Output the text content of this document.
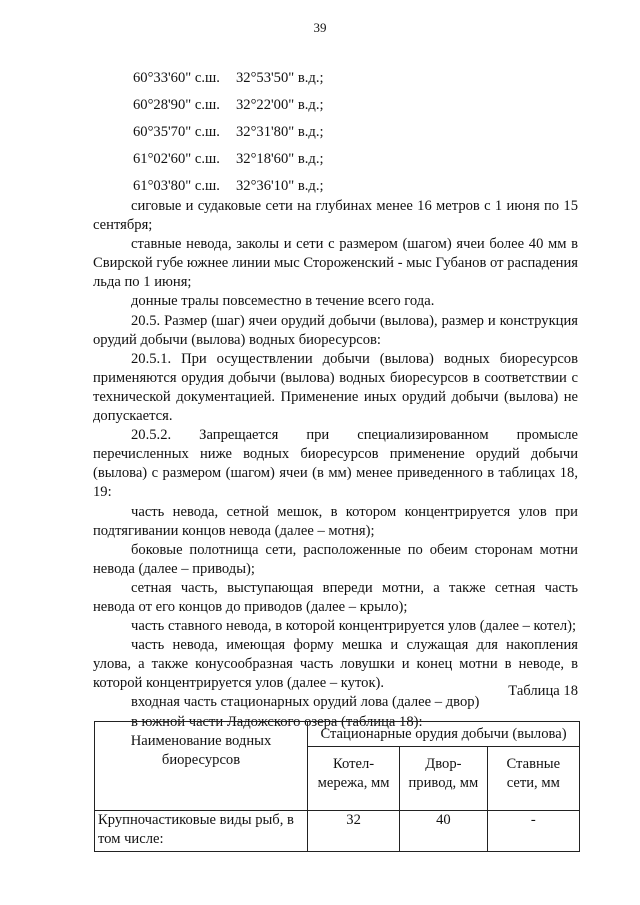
39
60°33'60" с.ш.	32°53'50" в.д.;
60°28'90" с.ш.	32°22'00" в.д.;
60°35'70" с.ш.	32°31'80" в.д.;
61°02'60" с.ш.	32°18'60" в.д.;
61°03'80" с.ш.	32°36'10" в.д.;

сиговые и судаковые сети на глубинах менее 16 метров с 1 июня по 15 сентября;

ставные невода, заколы и сети с размером (шагом) ячеи более 40 мм в Свирской губе южнее линии мыс Стороженский - мыс Губанов от распадения льда по 1 июня;

донные тралы повсеместно в течение всего года.

20.5. Размер (шаг) ячеи орудий добычи (вылова), размер и конструкция орудий добычи (вылова) водных биоресурсов:

20.5.1. При осуществлении добычи (вылова) водных биоресурсов применяются орудия добычи (вылова) водных биоресурсов в соответствии с технической документацией. Применение иных орудий добычи (вылова) не допускается.

20.5.2. Запрещается при специализированном промысле перечисленных ниже водных биоресурсов применение орудий добычи (вылова) с размером (шагом) ячеи (в мм) менее приведенного в таблицах 18, 19:

часть невода, сетной мешок, в котором концентрируется улов при подтягивании концов невода (далее – мотня);

боковые полотнища сети, расположенные по обеим сторонам мотни невода (далее – приводы);

сетная часть, выступающая впереди мотни, а также сетная часть невода от его концов до приводов (далее – крыло);

часть ставного невода, в которой концентрируется улов (далее – котел);

часть невода, имеющая форму мешка и служащая для накопления улова, а также конусообразная часть ловушки и конец мотни в неводе, в которой концентрируется улов (далее – куток).

входная часть стационарных орудий лова (далее – двор)

в южной части Ладожского озера (таблица 18):

Таблица 18
Наименование водных биоресурсов	Стационарные орудия добычи (вылова)		
	Котел-мережа, мм	Двор-привод, мм	Ставные сети, мм
Крупночастиковые виды рыб, в том числе:	32	40	-
